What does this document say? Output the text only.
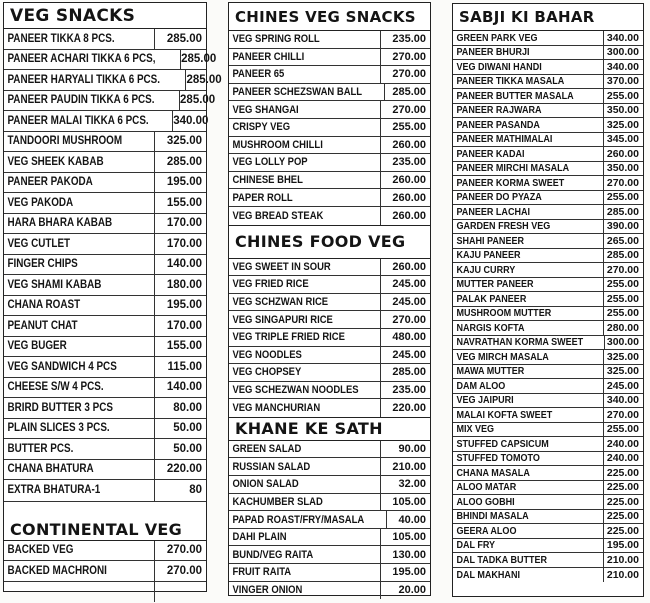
VEG SNACKS
PANEER TIKKA 8 PCS.	285.00
PANEER ACHARI TIKKA 6 PCS, 285.00
PANEER HARYALI TIKKA 6 PCS. 285.00
PANEER PAUDIN TIKKA 6 PCS. 285.00
PANEER MALAI TIKKA 6 PCS. 340.00
TANDOORI MUSHROOM	325.00
VEG SHEEK KABAB	285.00
PANEER PAKODA	195.00
VEG PAKODA	155.00
HARA BHARA KABAB	170.00
VEG CUTLET	170.00
FINGER CHIPS	140.00
VEG SHAMI KABAB	180.00
CHANA ROAST	195.00
PEANUT CHAT	170.00
VEG BUGER	155.00
VEG SANDWICH 4 PCS	115.00
CHEESE S/W 4 PCS.	140.00
BRIRD BUTTER 3 PCS	80.00
PLAIN SLICES 3 PCS.	50.00
BUTTER PCS.	50.00
CHANA BHATURA	220.00
EXTRA BHATURA-1	80
CONTINENTAL VEG
BACKED VEG	270.00
BACKED MACHRONI	270.00
CHINES VEG SNACKS
VEG SPRING ROLL	235.00
PANEER CHILLI	270.00
PANEER 65	270.00
PANEER SCHEZSWAN BALL	285.00
VEG SHANGAI	270.00
CRISPY VEG	255.00
MUSHROOM CHILLI	260.00
VEG LOLLY POP	235.00
CHINESE BHEL	260.00
PAPER ROLL	260.00
VEG BREAD STEAK	260.00
CHINES FOOD VEG
VEG SWEET IN SOUR	260.00
VEG FRIED RICE	245.00
VEG SCHZWAN RICE	245.00
VEG SINGAPURI RICE	270.00
VEG TRIPLE FRIED RICE	480.00
VEG NOODLES	245.00
VEG CHOPSEY	285.00
VEG SCHEZWAN NOODLES	235.00
VEG MANCHURIAN	220.00
KHANE KE SATH
GREEN SALAD	90.00
RUSSIAN SALAD	210.00
ONION SALAD	32.00
KACHUMBER SLAD	105.00
PAPAD ROAST/FRY/MASALA	40.00
DAHI PLAIN	105.00
BUND/VEG RAITA	130.00
FRUIT RAITA	195.00
VINGER ONION	20.00
SABJI KI BAHAR
GREEN PARK VEG	340.00
PANEER BHURJI	300.00
VEG DIWANI HANDI	340.00
PANEER TIKKA MASALA	370.00
PANEER BUTTER MASALA	255.00
PANEER RAJWARA	350.00
PANEER PASANDA	325.00
PANEER MATHIMALAI	345.00
PANEER KADAI	260.00
PANEER MIRCHI MASALA	350.00
PANEER KORMA SWEET	270.00
PANEER DO PYAZA	255.00
PANEER LACHAI	285.00
GARDEN FRESH VEG	390.00
SHAHI PANEER	265.00
KAJU PANEER	285.00
KAJU CURRY	270.00
MUTTER PANEER	255.00
PALAK PANEER	255.00
MUSHROOM MUTTER	255.00
NARGIS KOFTA	280.00
NAVRATHAN KORMA SWEET 300.00
VEG MIRCH MASALA	325.00
MAWA MUTTER	325.00
DAM ALOO	245.00
VEG JAIPURI	340.00
MALAI KOFTA SWEET	270.00
MIX VEG	255.00
STUFFED CAPSICUM	240.00
STUFFED TOMOTO	240.00
CHANA MASALA	225.00
ALOO MATAR	225.00
ALOO GOBHI	225.00
BHINDI MASALA	225.00
GEERA ALOO	225.00
DAL FRY	195.00
DAL TADKA BUTTER	210.00
DAL MAKHANI	210.00
